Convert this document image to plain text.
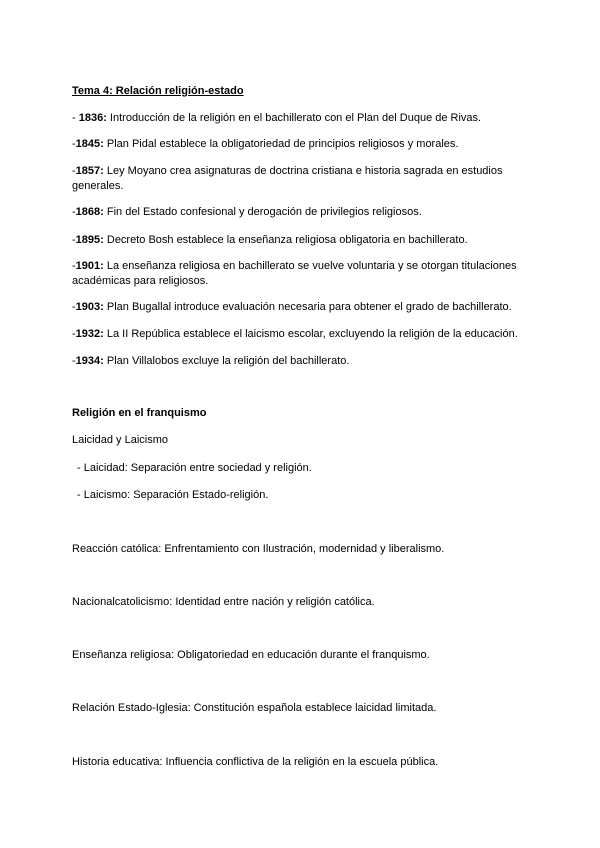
Tema 4: Relación religión-estado

- 1836: Introducción de la religión en el bachillerato con el Plan del Duque de Rivas.

-1845: Plan Pidal establece la obligatoriedad de principios religiosos y morales.

-1857: Ley Moyano crea asignaturas de doctrina cristiana e historia sagrada en estudios generales.

-1868: Fin del Estado confesional y derogación de privilegios religiosos.

-1895: Decreto Bosh establece la enseñanza religiosa obligatoria en bachillerato.

-1901: La enseñanza religiosa en bachillerato se vuelve voluntaria y se otorgan titulaciones académicas para religiosos.

-1903: Plan Bugallal introduce evaluación necesaria para obtener el grado de bachillerato.

-1932: La II República establece el laicismo escolar, excluyendo la religión de la educación.

-1934: Plan Villalobos excluye la religión del bachillerato.

Religión en el franquismo

Laicidad y Laicismo

- Laicidad: Separación entre sociedad y religión.

- Laicismo: Separación Estado-religión.

Reacción católica: Enfrentamiento con Ilustración, modernidad y liberalismo.

Nacionalcatolicismo: Identidad entre nación y religión católica.

Enseñanza religiosa: Obligatoriedad en educación durante el franquismo.

Relación Estado-Iglesia: Constitución española establece laicidad limitada.

Historia educativa: Influencia conflictiva de la religión en la escuela pública.
